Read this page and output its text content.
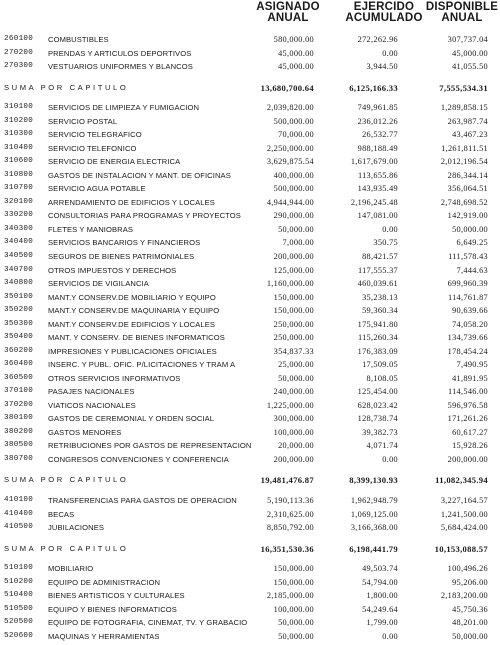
ASIGNADO
ANUAL
EJERCIDO
ACUMULADO
DISPONIBLE
ANUAL
260100 COMBUSTIBLES	580,000.00	272,262.96	307,737.04
270200 PRENDAS Y ARTICULOS DEPORTIVOS	45,000.00	0.00	45,000.00
270300 VESTUARIOS UNIFORMES Y BLANCOS	45,000.00	3,944.50	41,055.50
SUMA POR CAPITULO	13,680,700.64	6,125,166.33	7,555,534.31
310100 SERVICIOS DE LIMPIEZA Y FUMIGACION	2,039,820.00	749,961.85	1,289,858.15
310200 SERVICIO POSTAL	500,000.00	236,012.26	263,987.74
310300 SERVICIO TELEGRAFICO	70,000.00	26,532.77	43,467.23
310400 SERVICIO TELEFONICO	2,250,000.00	988,188.49	1,261,811.51
310600 SERVICIO DE ENERGIA ELECTRICA	3,629,875.54	1,617,679.00	2,012,196.54
310800 GASTOS DE INSTALACION Y MANT. DE OFICINAS	400,000.00	113,655.86	286,344.14
310700 SERVICIO AGUA POTABLE	500,000.00	143,935.49	356,064.51
320100 ARRENDAMIENTO DE EDIFICIOS Y LOCALES	4,944,944.00	2,196,245.48	2,748,698.52
330200 CONSULTORIAS PARA PROGRAMAS Y PROYECTOS	290,000.00	147,081.00	142,919.00
340300 FLETES Y MANIOBRAS	50,000.00	0.00	50,000.00
340400 SERVICIOS BANCARIOS Y FINANCIEROS	7,000.00	350.75	6,649.25
340500 SEGUROS DE BIENES PATRIMONIALES	200,000.00	88,421.57	111,578.43
340700 OTROS IMPUESTOS Y DERECHOS	125,000.00	117,555.37	7,444.63
340800 SERVICIOS DE VIGILANCIA	1,160,000.00	460,039.61	699,960.39
350100 MANT.Y CONSERV.DE MOBILIARIO Y EQUIPO	150,000.00	35,238.13	114,761.87
350200 MANT.Y CONSERV.DE MAQUINARIA Y EQUIPO	150,000.00	59,360.34	90,639.66
350300 MANT.Y CONSERV.DE EDIFICIOS Y LOCALES	250,000.00	175,941.80	74,058.20
350400 MANT. Y CONSERV. DE BIENES INFORMATICOS	250,000.00	115,260.34	134,739.66
360200 IMPRESIONES Y PUBLICACIONES OFICIALES	354,837.33	176,383.09	178,454.24
360400 INSERC. Y PUBL. OFIC. P/LICITACIONES Y TRAM A	25,000.00	17,509.05	7,490.95
360500 OTROS SERVICIOS INFORMATIVOS	50,000.00	8,108.05	41,891.95
370100 PASAJES NACIONALES	240,000.00	125,454.00	114,546.00
370200 VIATICOS NACIONALES	1,225,000.00	628,023.42	596,976.58
380100 GASTOS DE CEREMONIAL Y ORDEN SOCIAL	300,000.00	128,738.74	171,261.26
380200 GASTOS MENORES	100,000.00	39,382.73	60,617.27
380500 RETRIBUCIONES POR GASTOS DE REPRESENTACION	20,000.00	4,071.74	15,928.26
380700 CONGRESOS CONVENCIONES Y CONFERENCIA	200,000.00	0.00	200,000.00
SUMA POR CAPITULO	19,481,476.87	8,399,130.93	11,082,345.94
410100 TRANSFERENCIAS PARA GASTOS DE OPERACION	5,190,113.36	1,962,948.79	3,227,164.57
410400 BECAS	2,310,625.00	1,069,125.00	1,241,500.00
410500 JUBILACIONES	8,850,792.00	3,166,368.00	5,684,424.00
SUMA POR CAPITULO	16,351,530.36	6,198,441.79	10,153,088.57
510100 MOBILIARIO	150,000.00	49,503.74	100,496.26
510200 EQUIPO DE ADMINISTRACION	150,000.00	54,794.00	95,206.00
510400 BIENES ARTISTICOS Y CULTURALES	2,185,000.00	1,800.00	2,183,200.00
510500 EQUIPO Y BIENES INFORMATICOS	100,000.00	54,249.64	45,750.36
520500 EQUIPO DE FOTOGRAFIA, CINEMAT, TV. Y GRABACIO	50,000.00	1,799.00	48,201.00
520600 MAQUINAS Y HERRAMIENTAS	50,000.00	0.00	50,000.00
